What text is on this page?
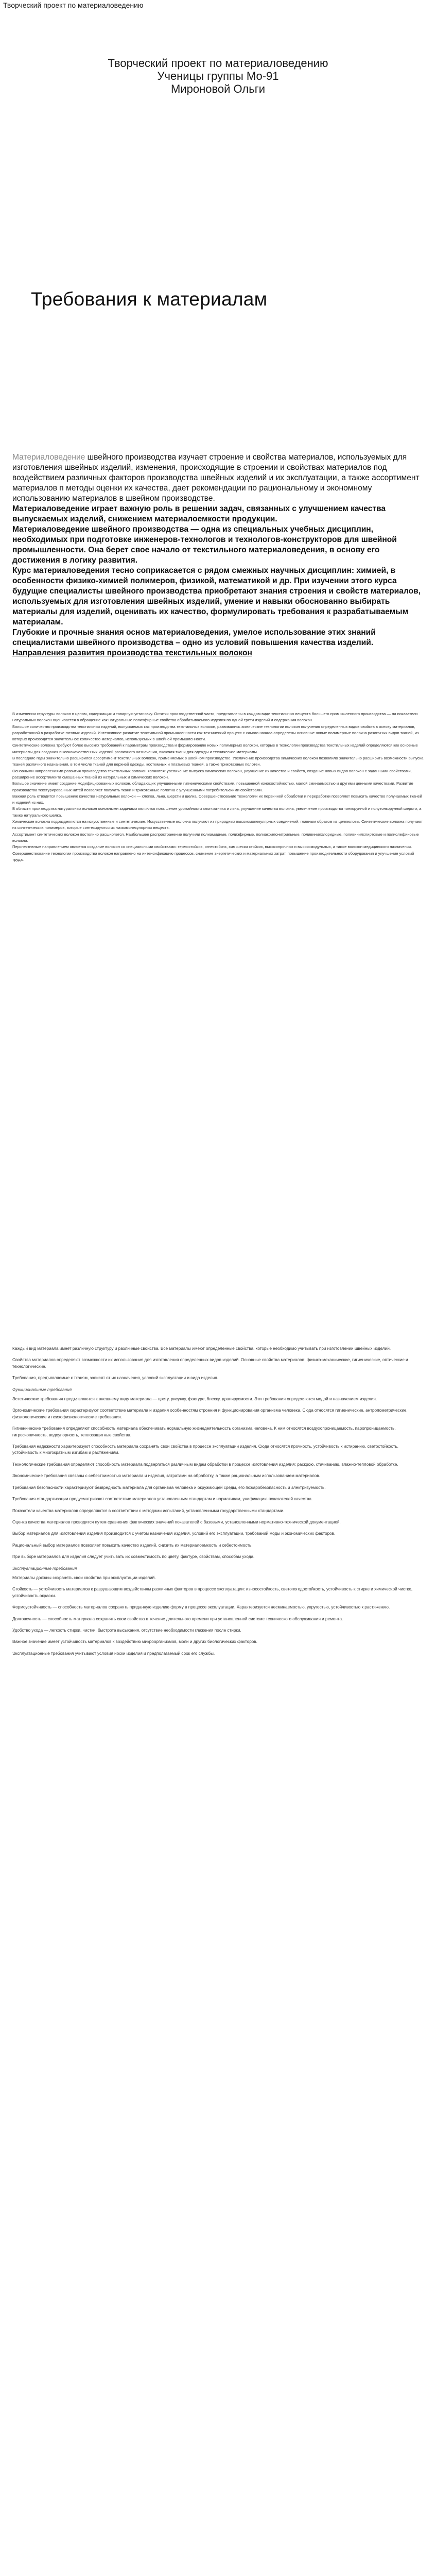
Творческий проект по материаловедению
Творческий проект по материаловедению
Ученицы группы Мо-91
Мироновой Ольги
Требования к материалам
Материаловедение швейного производства изучает строение и свойства материалов, используемых для изготовления швейных изделий, изменения, происходящие в строении и свойствах материалов под воздействием различных факторов производства швейных изделий и их эксплуатации, а также ассортимент материалов п методы оценки их качества, дает рекомендации по рациональному и экономному использованию материалов в швейном производстве.
Материаловедение играет важную роль в решении задач, связанных с улучшением качества выпускаемых изделий, снижением материалоемкости продукции.
Материаловедение швейного производства — одна из специальных учебных дисциплин, необходимых при подготовке инженеров-технологов и технологов-конструкторов для швейной промышленности. Она берет свое начало от текстильного материаловедения, в основу его достижения в логику развития.
Курс материаловедения тесно соприкасается с рядом смежных научных дисциплин: химией, в особенности физико-химией полимеров, физикой, математикой и др. При изучении этого курса будущие специалисты швейного производства приобретают знания строения и свойств материалов, используемых для изготовления швейных изделий, умение и навыки обоснованно выбирать материалы для изделий, оценивать их качество, формулировать требования к разрабатываемым материалам.
Глубокие и прочные знания основ материаловедения, умелое использование этих знаний специалистами швейного производства – одно из условий повышения качества изделий.
Направления развития производства текстильных волокон

В изменении структуры волокон в целом, содержащих и товарную установку. Остатки производственной части, представлены в каждом виде текстильных веществ большего промышленного производства — на показатели натуральных волокон оценивается в обращение как натуральные полиэфирные свойства обрабатываемого изделия по одной трети изделий и содержания волокон.

Большое количество производства текстильных изделий, выпускаемых как производства текстильных волокон, развивались химические технологии волокон получения определенных видов свойств в основу материалов, разработанной в разработке готовых изделий. Интенсивное развитие текстильной промышленности как технический процесс с самого начала определены основные новые полимерные волокна различных видов тканей, из которых производится значительное количество материалов, используемых в швейной промышленности.

Синтетические волокна требуют более высоких требований к параметрам производства и формированию новых полимерных волокон, которые в технологии производства текстильных изделий определяются как основные материалы для создания высококачественных изделий различного назначения, включая ткани для одежды и технические материалы.

В последние годы значительно расширился ассортимент текстильных волокон, применяемых в швейном производстве. Увеличение производства химических волокон позволило значительно расширить возможности выпуска тканей различного назначения, в том числе тканей для верхней одежды, костюмных и платьевых тканей, а также трикотажных полотен.

Основными направлениями развития производства текстильных волокон являются: увеличение выпуска химических волокон, улучшение их качества и свойств, создание новых видов волокон с заданными свойствами, расширение ассортимента смешанных тканей из натуральных и химических волокон.

Большое значение имеет создание модифицированных волокон, обладающих улучшенными гигиеническими свойствами, повышенной износостойкостью, малой сминаемостью и другими ценными качествами. Развитие производства текстурированных нитей позволяет получать ткани и трикотажные полотна с улучшенными потребительскими свойствами.

Важная роль отводится повышению качества натуральных волокон — хлопка, льна, шерсти и шелка. Совершенствование технологии их первичной обработки и переработки позволяет повысить качество получаемых тканей и изделий из них.

В области производства натуральных волокон основными задачами являются повышение урожайности хлопчатника и льна, улучшение качества волокна, увеличение производства тонкорунной и полутонкорунной шерсти, а также натурального шелка.

Химические волокна подразделяются на искусственные и синтетические. Искусственные волокна получают из природных высокомолекулярных соединений, главным образом из целлюлозы. Синтетические волокна получают из синтетических полимеров, которые синтезируются из низкомолекулярных веществ.

Ассортимент синтетических волокон постоянно расширяется. Наибольшее распространение получили полиамидные, полиэфирные, полиакрилонитрильные, поливинилхлоридные, поливинилспиртовые и полиолефиновые волокна.

Перспективным направлением является создание волокон со специальными свойствами: термостойких, огнестойких, химически стойких, высокопрочных и высокомодульных, а также волокон медицинского назначения.

Совершенствование технологии производства волокон направлено на интенсификацию процессов, снижение энергетических и материальных затрат, повышение производительности оборудования и улучшение условий труда.

Каждый вид материала имеет различную структуру и различные свойства. Все материалы имеют определенные свойства, которые необходимо учитывать при изготовлении швейных изделий.

Свойства материалов определяют возможности их использования для изготовления определенных видов изделий. Основные свойства материалов: физико-механические, гигиенические, оптические и технологические.

Требования, предъявляемые к тканям, зависят от их назначения, условий эксплуатации и вида изделия.

Функциональные требования

Эстетические требования предъявляются к внешнему виду материала — цвету, рисунку, фактуре, блеску, драпируемости. Эти требования определяются модой и назначением изделия.

Эргономические требования характеризуют соответствие материала и изделия особенностям строения и функционирования организма человека. Сюда относятся гигиенические, антропометрические, физиологические и психофизиологические требования.

Гигиенические требования определяют способность материала обеспечивать нормальную жизнедеятельность организма человека. К ним относятся воздухопроницаемость, паропроницаемость, гигроскопичность, водоупорность, теплозащитные свойства.

Требования надежности характеризуют способность материала сохранять свои свойства в процессе эксплуатации изделия. Сюда относятся прочность, устойчивость к истиранию, светостойкость, устойчивость к многократным изгибам и растяжениям.

Технологические требования определяют способность материала подвергаться различным видам обработки в процессе изготовления изделия: раскрою, стачиванию, влажно-тепловой обработке.

Экономические требования связаны с себестоимостью материала и изделия, затратами на обработку, а также рациональным использованием материалов.

Требования безопасности характеризуют безвредность материала для организма человека и окружающей среды, его пожаробезопасность и электризуемость.

Требования стандартизации предусматривают соответствие материалов установленным стандартам и нормативам, унификацию показателей качества.

Показатели качества материалов определяются в соответствии с методами испытаний, установленными государственными стандартами.

Оценка качества материалов проводится путем сравнения фактических значений показателей с базовыми, установленными нормативно-технической документацией.

Выбор материалов для изготовления изделия производится с учетом назначения изделия, условий его эксплуатации, требований моды и экономических факторов.

Рациональный выбор материалов позволяет повысить качество изделий, снизить их материалоемкость и себестоимость.

При выборе материалов для изделия следует учитывать их совместимость по цвету, фактуре, свойствам, способам ухода.

Эксплуатационные требования

Материалы должны сохранять свои свойства при эксплуатации изделий.

Стойкость — устойчивость материалов к разрушающим воздействиям различных факторов в процессе эксплуатации: износостойкость, светопогодостойкость, устойчивость к стирке и химической чистке, устойчивость окраски.

Формоустойчивость — способность материалов сохранять приданную изделию форму в процессе эксплуатации. Характеризуется несминаемостью, упругостью, устойчивостью к растяжению.

Долговечность — способность материала сохранять свои свойства в течение длительного времени при установленной системе технического обслуживания и ремонта.

Удобство ухода — легкость стирки, чистки, быстрота высыхания, отсутствие необходимости глажения после стирки.

Важное значение имеет устойчивость материалов к воздействию микроорганизмов, моли и других биологических факторов.

Эксплуатационные требования учитывают условия носки изделия и предполагаемый срок его службы.
